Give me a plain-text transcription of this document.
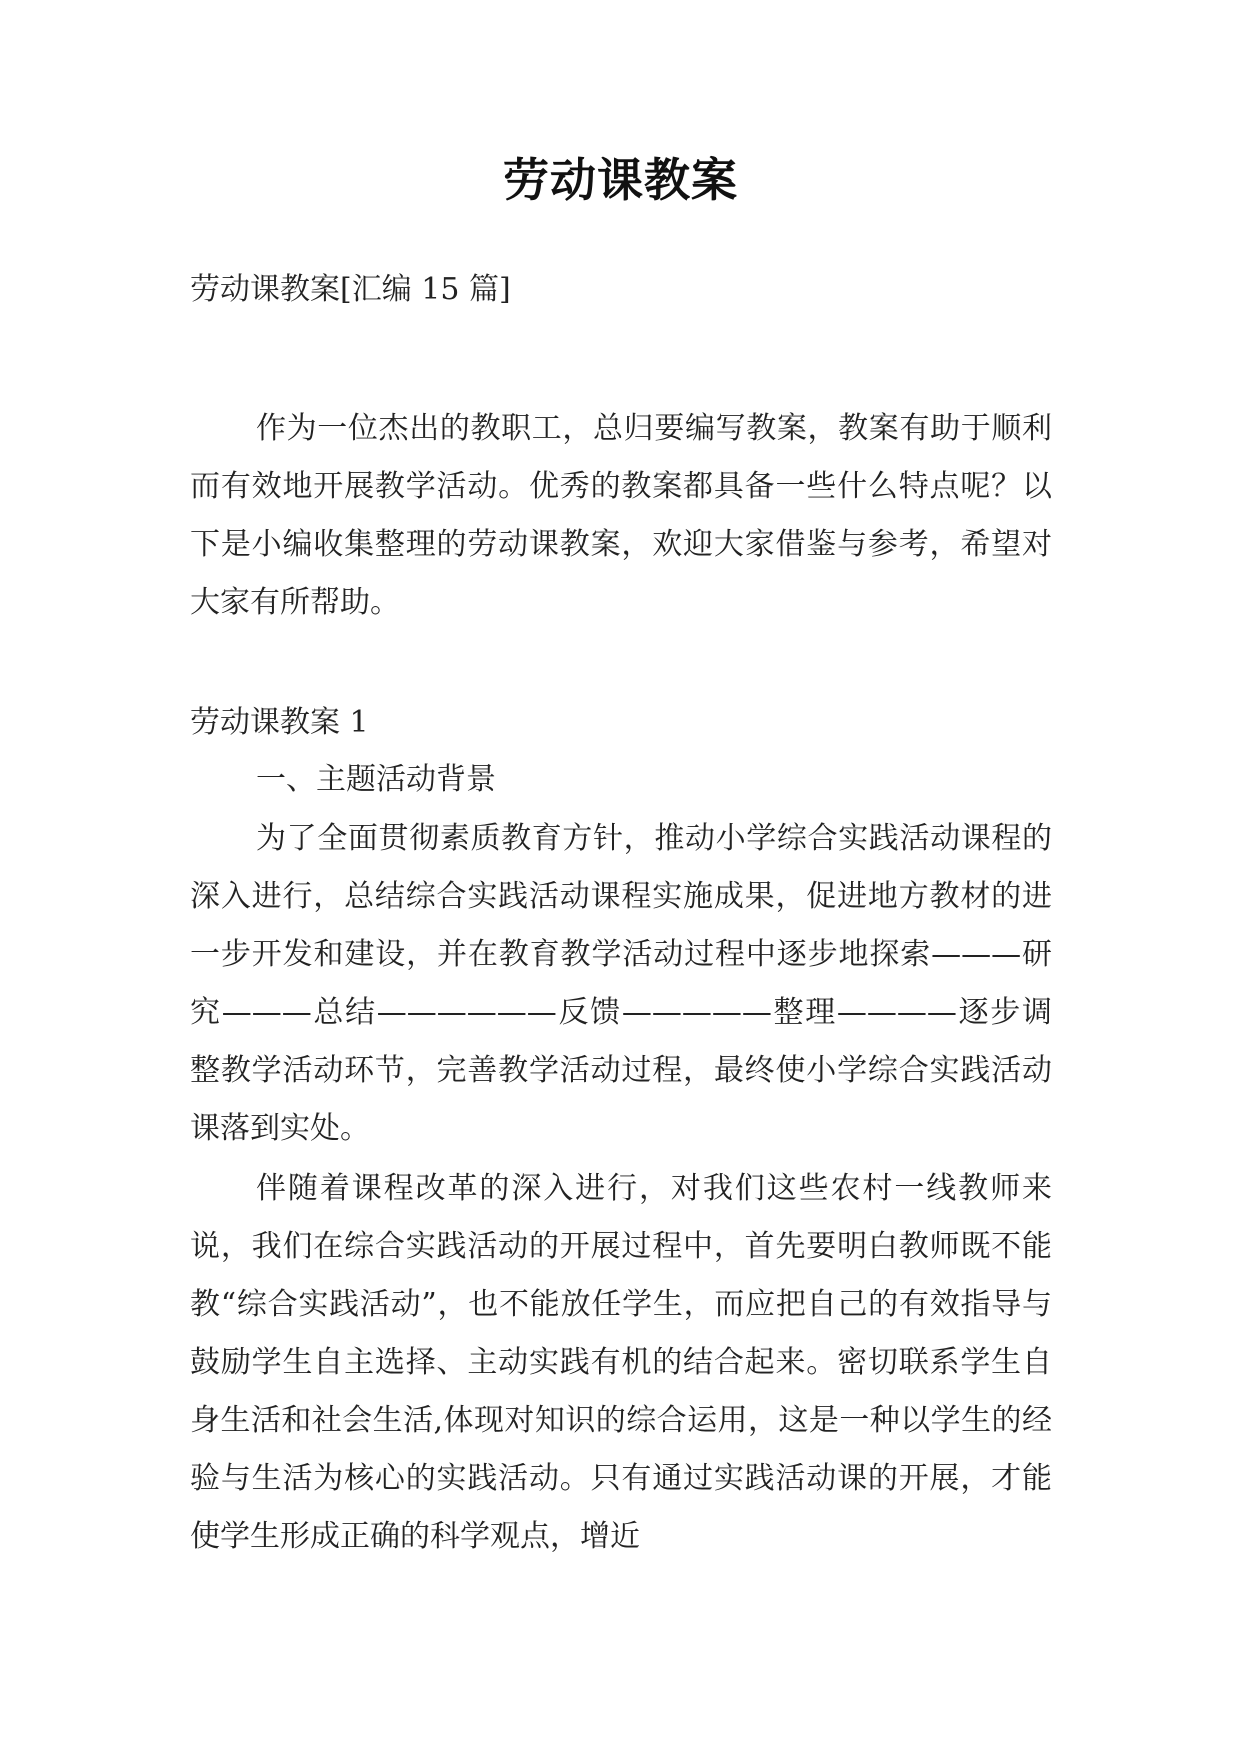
劳动课教案
劳动课教案[汇编 15 篇]
作为一位杰出的教职工，总归要编写教案，教案有助于顺利而有效地开展教学活动。优秀的教案都具备一些什么特点呢？以下是小编收集整理的劳动课教案，欢迎大家借鉴与参考，希望对大家有所帮助。
劳动课教案 1
一、主题活动背景
为了全面贯彻素质教育方针，推动小学综合实践活动课程的深入进行，总结综合实践活动课程实施成果，促进地方教材的进一步开发和建设，并在教育教学活动过程中逐步地探索———研究———总结——————反馈—————整理————逐步调整教学活动环节，完善教学活动过程，最终使小学综合实践活动课落到实处。
伴随着课程改革的深入进行，对我们这些农村一线教师来说，我们在综合实践活动的开展过程中，首先要明白教师既不能教“综合实践活动”，也不能放任学生，而应把自己的有效指导与鼓励学生自主选择、主动实践有机的结合起来。密切联系学生自身生活和社会生活,体现对知识的综合运用，这是一种以学生的经验与生活为核心的实践活动。只有通过实践活动课的开展，才能使学生形成正确的科学观点，增近
